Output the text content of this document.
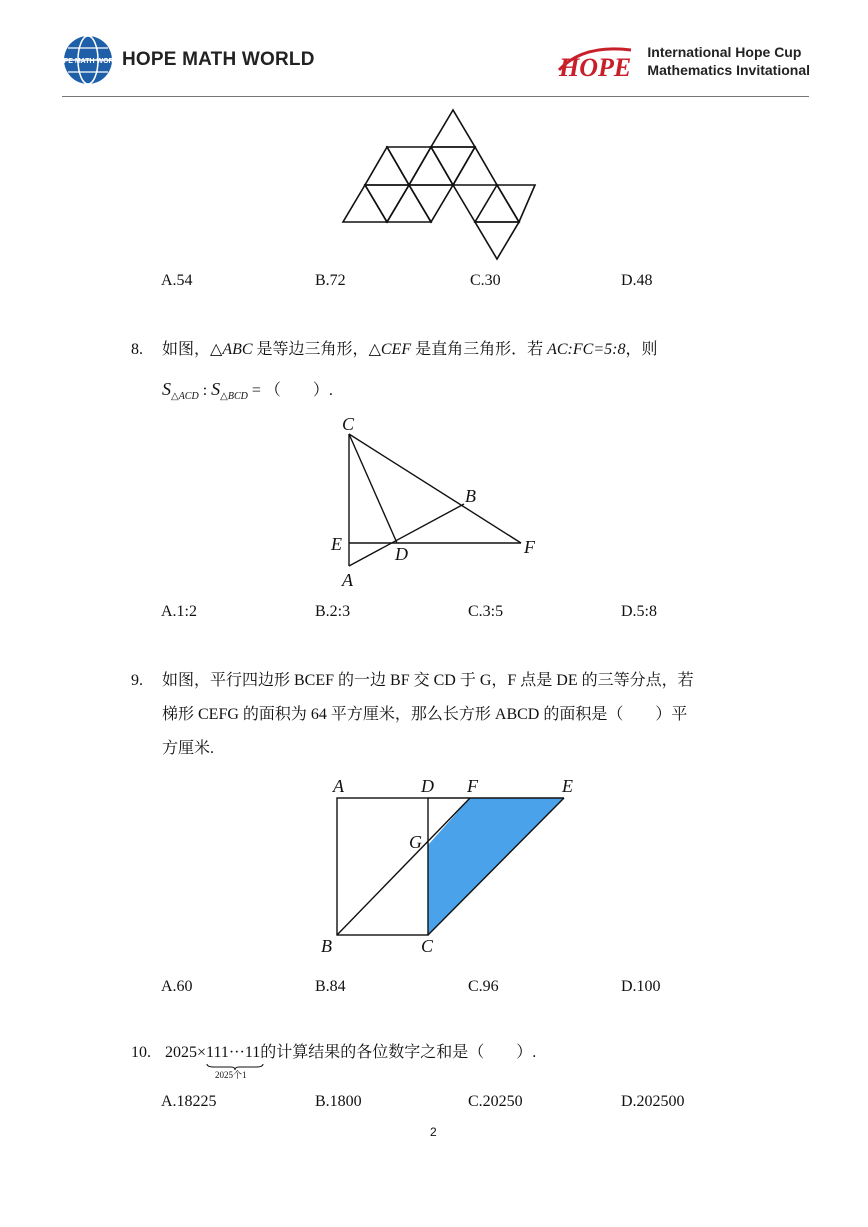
HOPE MATH WORLD HOPE MATH WORLD	HOPE
International Hope Cup
Mathematics Invitational
A.54	B.72	C.30	D.48
8. 如图，△ABC 是等边三角形，△CEF 是直角三角形．若 AC:FC=5:8，则
$S_{\triangle ACD}$ : $S_{\triangle BCD}$ = （　　）.
C
B
E	D	F
A
A.1:2	B.2:3	C.3:5	D.5:8
9. 如图，平行四边形 BCEF 的一边 BF 交 CD 于 G，F 点是 DE 的三等分点，若
梯形 CEFG 的面积为 64 平方厘米，那么长方形 ABCD 的面积是（　　）平
方厘米.
A	D F	E
G
B	C
A.60	B.84	C.96	D.100
10. 2025×111···11
2025个1
的计算结果的各位数字之和是（　　）.
A.18225	B.1800	C.20250	D.202500
2
